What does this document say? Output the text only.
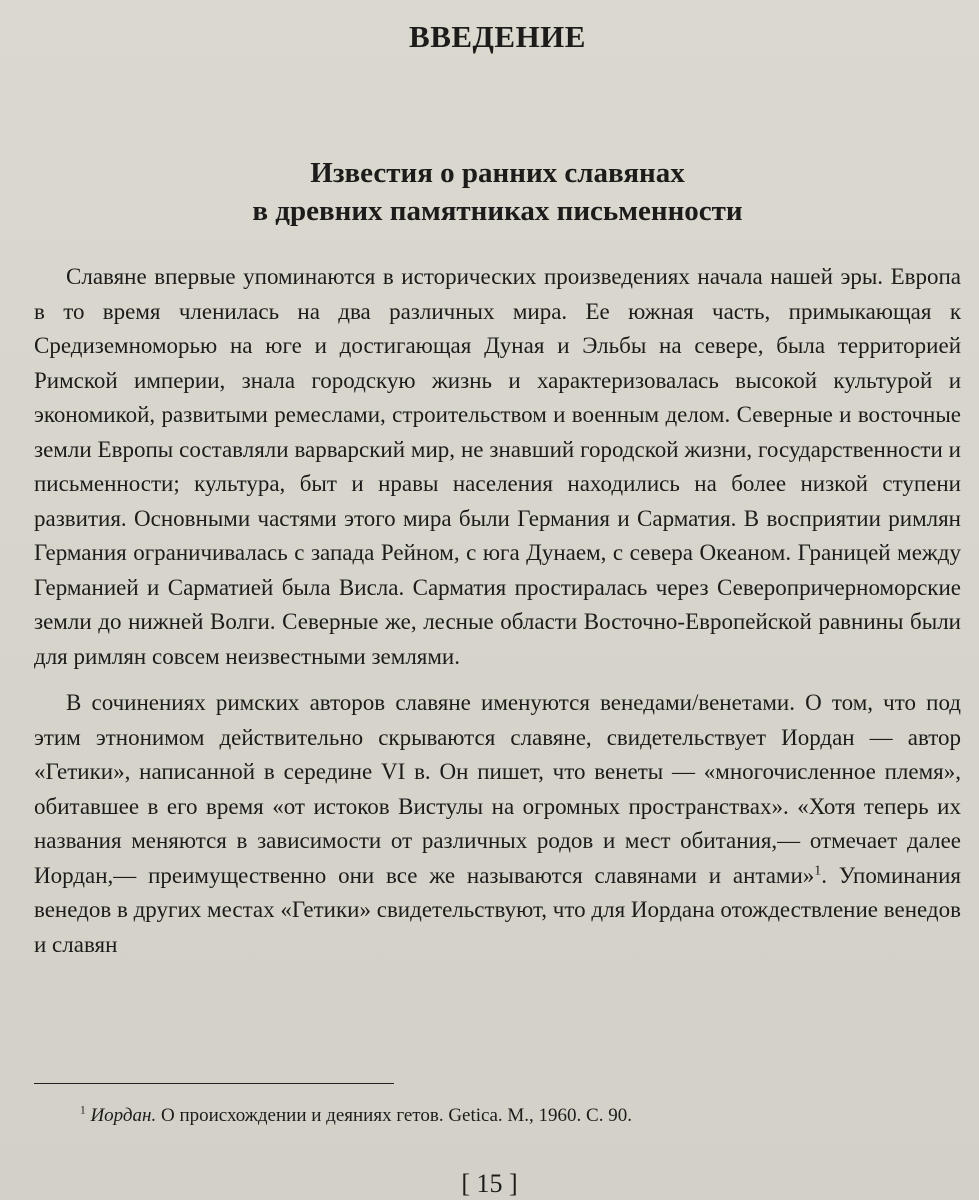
ВВЕДЕНИЕ
Известия о ранних славянах
в древних памятниках письменности

Славяне впервые упоминаются в исторических произведениях начала нашей эры. Европа в то время членилась на два различных мира. Ее южная часть, примыкающая к Средиземноморью на юге и достигающая Дуная и Эльбы на севере, была территорией Римской империи, знала городскую жизнь и характеризовалась высокой культурой и экономикой, развитыми ремеслами, строительством и военным делом. Северные и восточные земли Европы составляли варварский мир, не знавший городской жизни, государственности и письменности; культура, быт и нравы населения находились на более низкой ступени развития. Основными частями этого мира были Германия и Сарматия. В восприятии римлян Германия ограничивалась с запада Рейном, с юга Дунаем, с севера Океаном. Границей между Германией и Сарматией была Висла. Сарматия простиралась через Северопричерноморские земли до нижней Волги. Северные же, лесные области Восточно-Европейской равнины были для римлян совсем неизвестными землями.

В сочинениях римских авторов славяне именуются венедами/венетами. О том, что под этим этнонимом действительно скрываются славяне, свидетельствует Иордан — автор «Гетики», написанной в середине VI в. Он пишет, что венеты — «многочисленное племя», обитавшее в его время «от истоков Вистулы на огромных пространствах». «Хотя теперь их названия меняются в зависимости от различных родов и мест обитания,— отмечает далее Иордан,— преимущественно они все же называются славянами и антами»$^1$. Упоминания венедов в других местах «Гетики» свидетельствуют, что для Иордана отождествление венедов и славян

$^1$ Иордан. О происхождении и деяниях гетов. Getica. М., 1960. С. 90.
[ 15 ]
